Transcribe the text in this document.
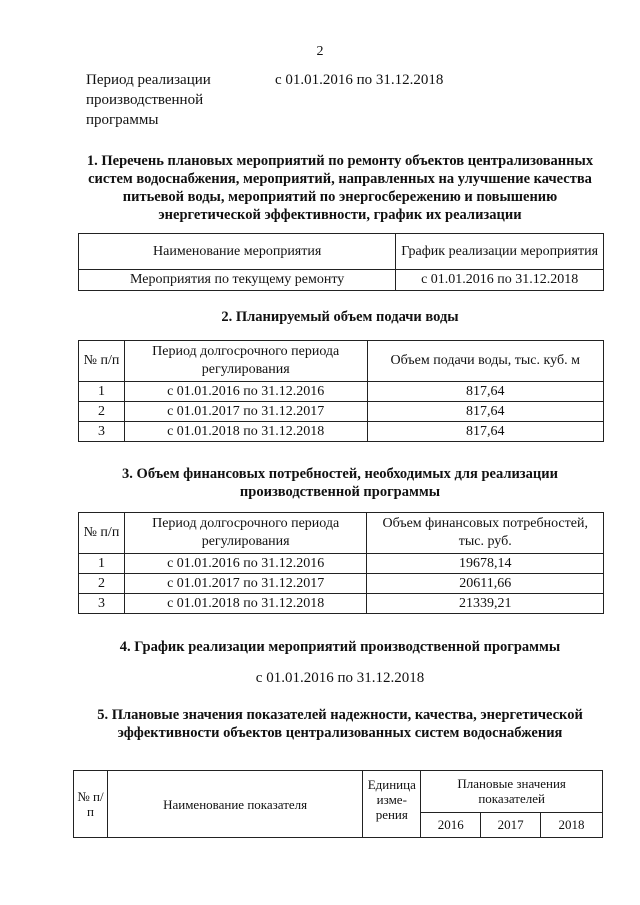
2
Период реализации производственной программы
с 01.01.2016 по 31.12.2018
1. Перечень плановых мероприятий по ремонту объектов централизованных систем водоснабжения, мероприятий, направленных на улучшение качества питьевой воды, мероприятий по энергосбережению и повышению энергетической эффективности, график их реализации
Наименование мероприятия	График реализации мероприятия
Мероприятия по текущему ремонту	с 01.01.2016 по 31.12.2018
2. Планируемый объем подачи воды
№ п/п	Период долгосрочного периода регулирования	Объем подачи воды, тыс. куб. м
1	с 01.01.2016 по 31.12.2016	817,64
2	с 01.01.2017 по 31.12.2017	817,64
3	с 01.01.2018 по 31.12.2018	817,64
3. Объем финансовых потребностей, необходимых для реализации производственной программы
№ п/п	Период долгосрочного периода регулирования	Объем финансовых потребностей, тыс. руб.
1	с 01.01.2016 по 31.12.2016	19678,14
2	с 01.01.2017 по 31.12.2017	20611,66
3	с 01.01.2018 по 31.12.2018	21339,21
4. График реализации мероприятий производственной программы
с 01.01.2016 по 31.12.2018
5. Плановые значения показателей надежности, качества, энергетической эффективности объектов централизованных систем водоснабжения
№ п/п	Наименование показателя	Единица изме-рения	Плановые значения показателей		
			2016	2017	2018
